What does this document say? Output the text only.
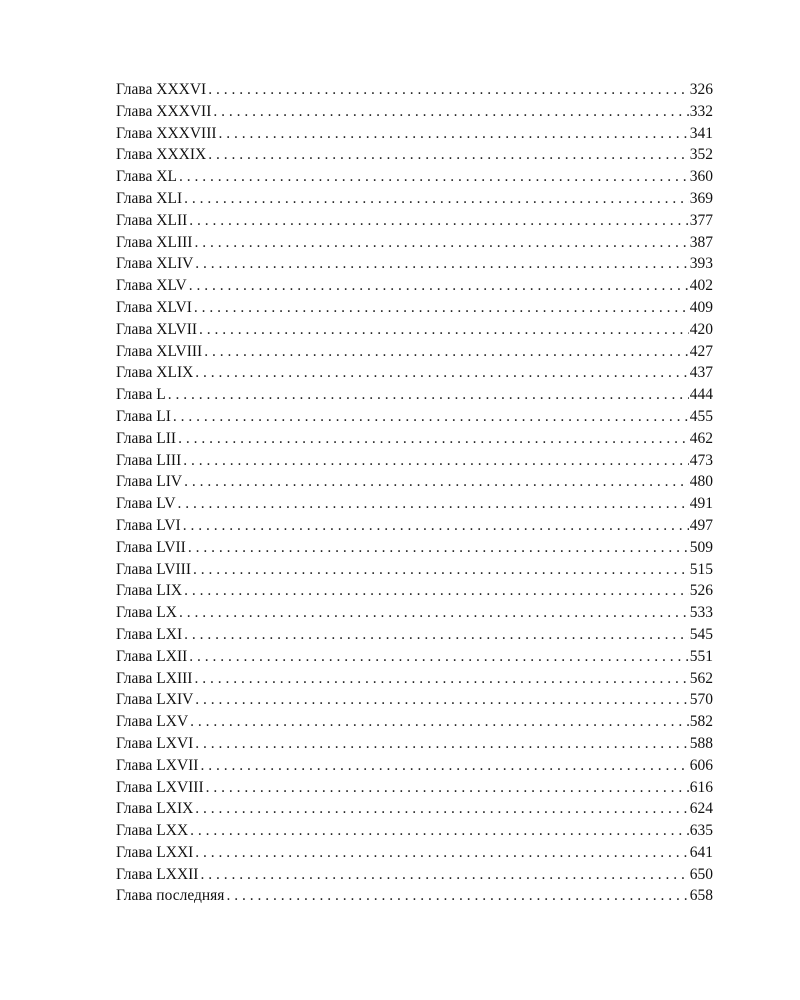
Глава XXXVI . . .	326
Глава XXXVII . . .	332
Глава XXXVIII . . .	341
Глава XXXIX . . .	352
Глава XL . . .	360
Глава XLI . . .	369
Глава XLII . . .	377
Глава XLIII . . .	387
Глава XLIV . . .	393
Глава XLV . . .	402
Глава XLVI . . .	409
Глава XLVII . . .	420
Глава XLVIII . . .	427
Глава XLIX . . .	437
Глава L . . .	444
Глава LI . . .	455
Глава LII . . .	462
Глава LIII . . .	473
Глава LIV . . .	480
Глава LV . . .	491
Глава LVI . . .	497
Глава LVII . . .	509
Глава LVIII . . .	515
Глава LIX . . .	526
Глава LX . . .	533
Глава LXI . . .	545
Глава LXII . . .	551
Глава LXIII . . .	562
Глава LXIV . . .	570
Глава LXV . . .	582
Глава LXVI . . .	588
Глава LXVII . . .	606
Глава LXVIII . . .	616
Глава LXIX . . .	624
Глава LXX . . .	635
Глава LXXI . . .	641
Глава LXXII . . .	650
Глава последняя . . .	658
